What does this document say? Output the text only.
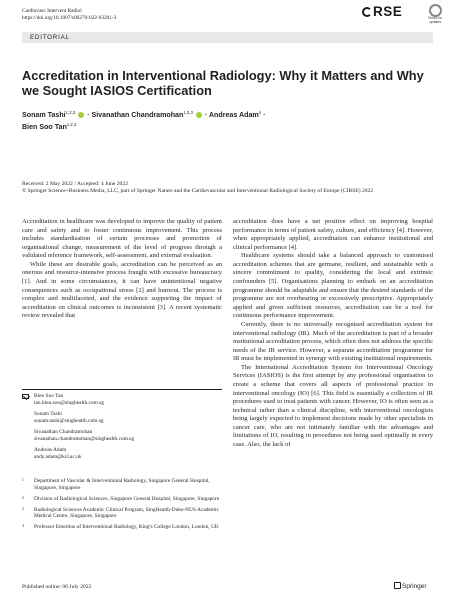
Cardiovasc Intervent Radiol
https://doi.org/10.1007/s00270-022-03201-3	RSE	Check for updates
EDITORIAL
Accreditation in Interventional Radiology: Why it Matters and Why we Sought IASIOS Certification
Sonam Tashi$^{1,2,3}$  · Sivanathan Chandramohan$^{1,2,3}$  · Andreas Adam$^4$ ·
Bien Soo Tan$^{1,2,3}$
Received: 2 May 2022 / Accepted: 4 June 2022
© Springer Science+Business Media, LLC, part of Springer Nature and the Cardiovascular and Interventional Radiological Society of Europe (CIRSE) 2022

Accreditation in healthcare was developed to improve the quality of patient care and safety and to foster continuous improvement. This process includes standardisation of certain processes and promotion of organisational change, measurement of the level of progress through a validated reference framework, self-assessment, and external evaluation.

While these are desirable goals, accreditation can be perceived as an onerous and resource-intensive process fraught with excessive bureaucracy [1]. And in some circumstances, it can have unintentional negative consequences such as occupational stress [2] and burnout. The process is complex and multifaceted, and the evidence supporting the impact of accreditation on clinical outcomes is inconsistent [3]. A recent systematic review revealed that

accreditation does have a net positive effect on improving hospital performance in terms of patient safety, culture, and efficiency [4]. However, when appropriately applied, accreditation can enhance institutional and clinical performance [4].

Healthcare systems should take a balanced approach to customised accreditation schemes that are germane, resilient, and sustainable with a sincere commitment to quality, considering the local and extrinsic confounders [5]. Organisations planning to embark on an accreditation programme should be adaptable and ensure that the desired standards of the programme are not overbearing or excessively prescriptive. Appropriately applied and given sufficient resources, accreditation can be a tool for continuous performance improvement.

Currently, there is no universally recognised accreditation system for interventional radiology (IR). Much of the accreditation is part of a broader institutional accreditation process, which often does not address the specific needs of the IR service. However, a separate accreditation programme for IR must be implemented in synergy with existing institutional requirements.

The International Accreditation System for Interventional Oncology Services (IASIOS) is the first attempt by any professional organisation to create a scheme that covers all aspects of professional practice in interventional oncology (IO) [6]. This field is essentially a collection of IR procedures used to treat patients with cancer. However, IO is often seen as a technical rather than a clinical discipline, with interventional oncologists being largely expected to implement decisions made by other specialists in cancer care, who are not intimately familiar with the advantages and limitations of IO, resulting in procedures not being used optimally in every case. Also, the lack of

Bien Soo Tan
tan.bien.soo@singhealth.com.sg
Sonam Tashi
sonam.tashi@singhealth.com.sg
Sivanathan Chandramohan
sivanathan.chandramohan@singhealth.com.sg
Andreas Adam
andy.adam@kcl.ac.uk
1 Department of Vascular & Interventional Radiology, Singapore General Hospital, Singapore, Singapore
2 Division of Radiological Sciences, Singapore General Hospital, Singapore, Singapore
3 Radiological Sciences Academic Clinical Program, SingHealth-Duke-NUS Academic Medical Centre, Singapore, Singapore
4 Professor Emeritus of Interventional Radiology, King's College London, London, UK
Published online: 06 July 2022	Springer
